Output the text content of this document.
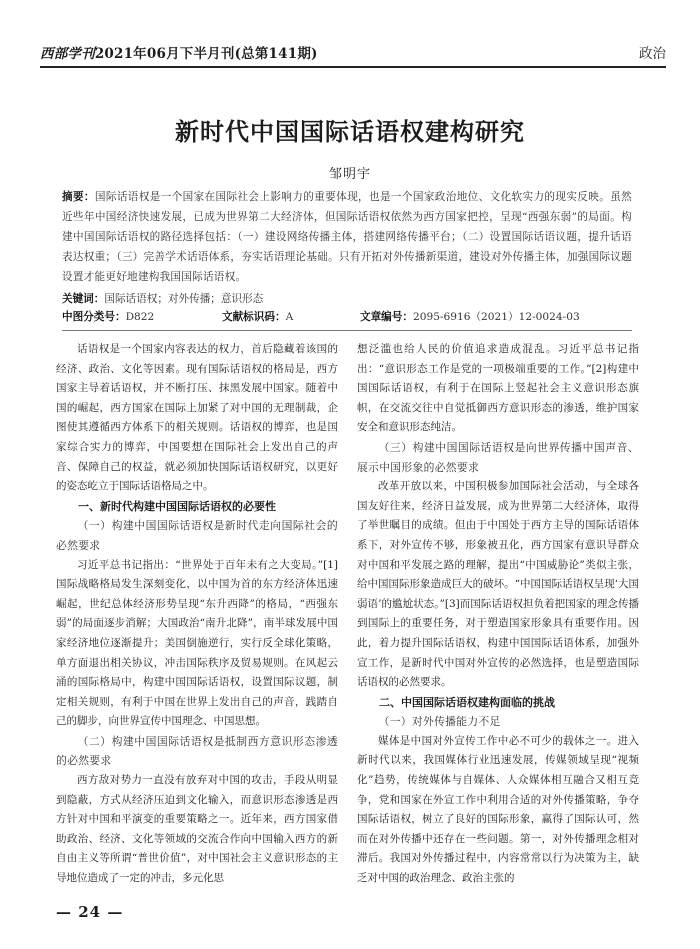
西部学刊2021年06月下半月刊(总第141期)	政治
新时代中国国际话语权建构研究
邹明宇
摘要：国际话语权是一个国家在国际社会上影响力的重要体现，也是一个国家政治地位、文化软实力的现实反映。虽然近些年中国经济快速发展，已成为世界第二大经济体，但国际话语权依然为西方国家把控，呈现“西强东弱”的局面。构建中国国际话语权的路径选择包括：（一）建设网络传播主体，搭建网络传播平台；（二）设置国际话语议题，提升话语表达权重；（三）完善学术话语体系，夯实话语理论基础。只有开拓对外传播新渠道，建设对外传播主体，加强国际议题设置才能更好地建构我国国际话语权。
关键词：国际话语权；对外传播；意识形态
中图分类号：D822	文献标识码：A	文章编号：2095-6916（2021）12-0024-03

话语权是一个国家内容表达的权力，首后隐藏着该国的经济、政治、文化等因素。现有国际话语权的格局是，西方国家主导着话语权，并不断打压、抹黑发展中国家。随着中国的崛起，西方国家在国际上加紧了对中国的无理制裁，企图使其遵循西方体系下的相关规则。话语权的博弈，也是国家综合实力的博弈，中国要想在国际社会上发出自己的声音、保障自己的权益，就必须加快国际话语权研究，以更好的姿态屹立于国际话语格局之中。

一、新时代构建中国国际话语权的必要性

（一）构建中国国际话语权是新时代走向国际社会的必然要求

习近平总书记指出：“世界处于百年未有之大变局。”[1]国际战略格局发生深刻变化，以中国为首的东方经济体迅速崛起，世纪总体经济形势呈现“东升西降”的格局，“西强东弱”的局面逐步消解；大国政治“南升北降”，南半球发展中国家经济地位逐渐提升；美国倒施逆行，实行反全球化策略，单方面退出相关协议，冲击国际秩序及贸易规则。在风起云涌的国际格局中，构建中国国际话语权，设置国际议题，制定相关规则，有利于中国在世界上发出自己的声音，践踏自己的脚步，向世界宣传中国理念、中国思想。

（二）构建中国国际话语权是抵制西方意识形态渗透的必然要求

西方敌对势力一直没有放弃对中国的攻击，手段从明显到隐蔽，方式从经济压迫到文化输入，而意识形态渗透是西方针对中国和平演变的重要策略之一。近年来，西方国家借助政治、经济、文化等领域的交流合作向中国输入西方的新自由主义等所谓“普世价值”，对中国社会主义意识形态的主导地位造成了一定的冲击，多元化思

想泛滥也给人民的价值追求造成混乱。习近平总书记指出：“意识形态工作是党的一项极端重要的工作。”[2]构建中国国际话语权，有利于在国际上竖起社会主义意识形态旗帜，在交流交往中自觉抵御西方意识形态的渗透，维护国家安全和意识形态纯洁。

（三）构建中国国际话语权是向世界传播中国声音、展示中国形象的必然要求

改革开放以来，中国积极参加国际社会活动，与全球各国友好往来，经济日益发展，成为世界第二大经济体，取得了举世瞩目的成绩。但由于中国处于西方主导的国际话语体系下，对外宣传不够，形象被丑化，西方国家有意识导群众对中国和平发展之路的理解，提出“中国威胁论”类似主张，给中国国际形象造成巨大的破坏。“中国国际话语权呈现‘大国弱语’的尴尬状态。”[3]而国际话语权担负着把国家的理念传播到国际上的重要任务，对于塑造国家形象具有重要作用。因此，着力提升国际话语权，构建中国国际话语体系，加强外宣工作，是新时代中国对外宣传的必然选择，也是塑造国际话语权的必然要求。

二、中国国际话语权建构面临的挑战

（一）对外传播能力不足

媒体是中国对外宣传工作中必不可少的载体之一。进入新时代以来，我国媒体行业迅速发展，传媒领域呈现“视频化”趋势，传统媒体与自媒体、人众媒体相互融合又相互竞争，党和国家在外宣工作中利用合适的对外传播策略，争夺国际话语权，树立了良好的国际形象，赢得了国际认可，然而在对外传播中还存在一些问题。第一，对外传播理念相对滞后。我国对外传播过程中，内容常常以行为决策为主，缺乏对中国的政治理念、政治主张的

— 24 —
